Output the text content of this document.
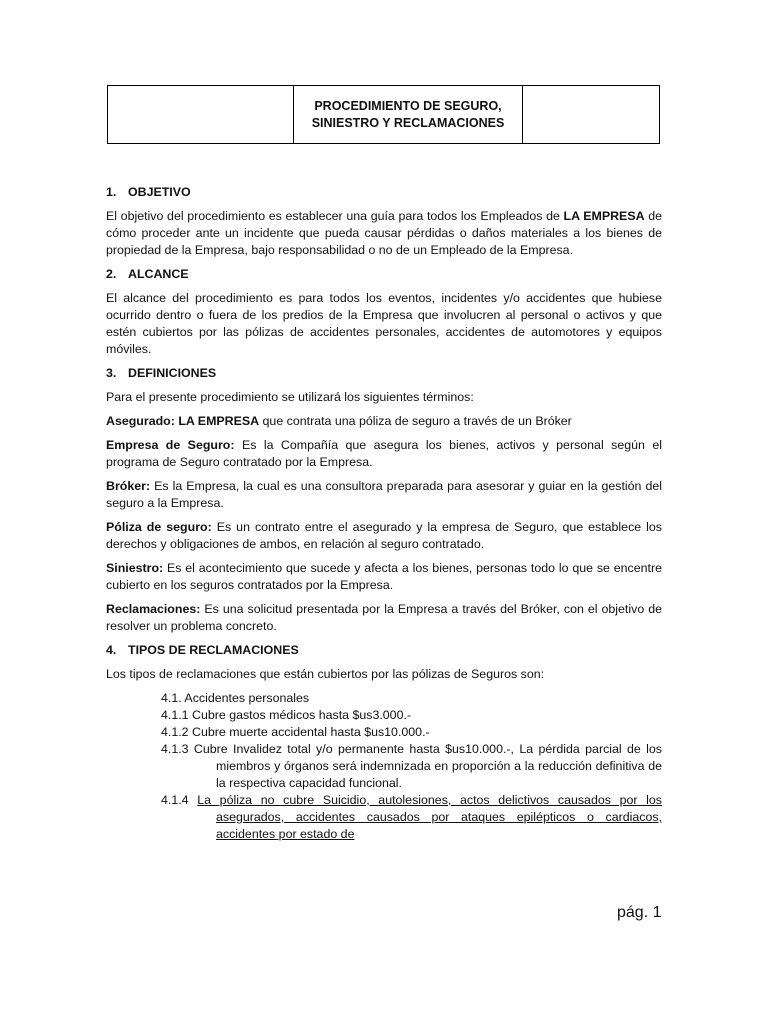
PROCEDIMIENTO DE SEGURO,
SINIESTRO Y RECLAMACIONES
1. OBJETIVO
El objetivo del procedimiento es establecer una guía para todos los Empleados de LA EMPRESA de cómo proceder ante un incidente que pueda causar pérdidas o daños materiales a los bienes de propiedad de la Empresa, bajo responsabilidad o no de un Empleado de la Empresa.
2. ALCANCE
El alcance del procedimiento es para todos los eventos, incidentes y/o accidentes que hubiese ocurrido dentro o fuera de los predios de la Empresa que involucren al personal o activos y que estén cubiertos por las pólizas de accidentes personales, accidentes de automotores y equipos móviles.
3. DEFINICIONES
Para el presente procedimiento se utilizará los siguientes términos:
Asegurado: LA EMPRESA que contrata una póliza de seguro a través de un Bróker
Empresa de Seguro: Es la Compañía que asegura los bienes, activos y personal según el programa de Seguro contratado por la Empresa.
Bróker: Es la Empresa, la cual es una consultora preparada para asesorar y guiar en la gestión del seguro a la Empresa.
Póliza de seguro: Es un contrato entre el asegurado y la empresa de Seguro, que establece los derechos y obligaciones de ambos, en relación al seguro contratado.
Siniestro: Es el acontecimiento que sucede y afecta a los bienes, personas todo lo que se encentre cubierto en los seguros contratados por la Empresa.
Reclamaciones: Es una solicitud presentada por la Empresa a través del Bróker, con el objetivo de resolver un problema concreto.
4. TIPOS DE RECLAMACIONES
Los tipos de reclamaciones que están cubiertos por las pólizas de Seguros son:
4.1. Accidentes personales
4.1.1 Cubre gastos médicos hasta $us3.000.-
4.1.2 Cubre muerte accidental hasta $us10.000.-
4.1.3 Cubre Invalidez total y/o permanente hasta $us10.000.-, La pérdida parcial de los miembros y órganos será indemnizada en proporción a la reducción definitiva de la respectiva capacidad funcional.
4.1.4 La póliza no cubre Suicidio, autolesiones, actos delictivos causados por los asegurados, accidentes causados por ataques epilépticos o cardiacos, accidentes por estado de
pág. 1
